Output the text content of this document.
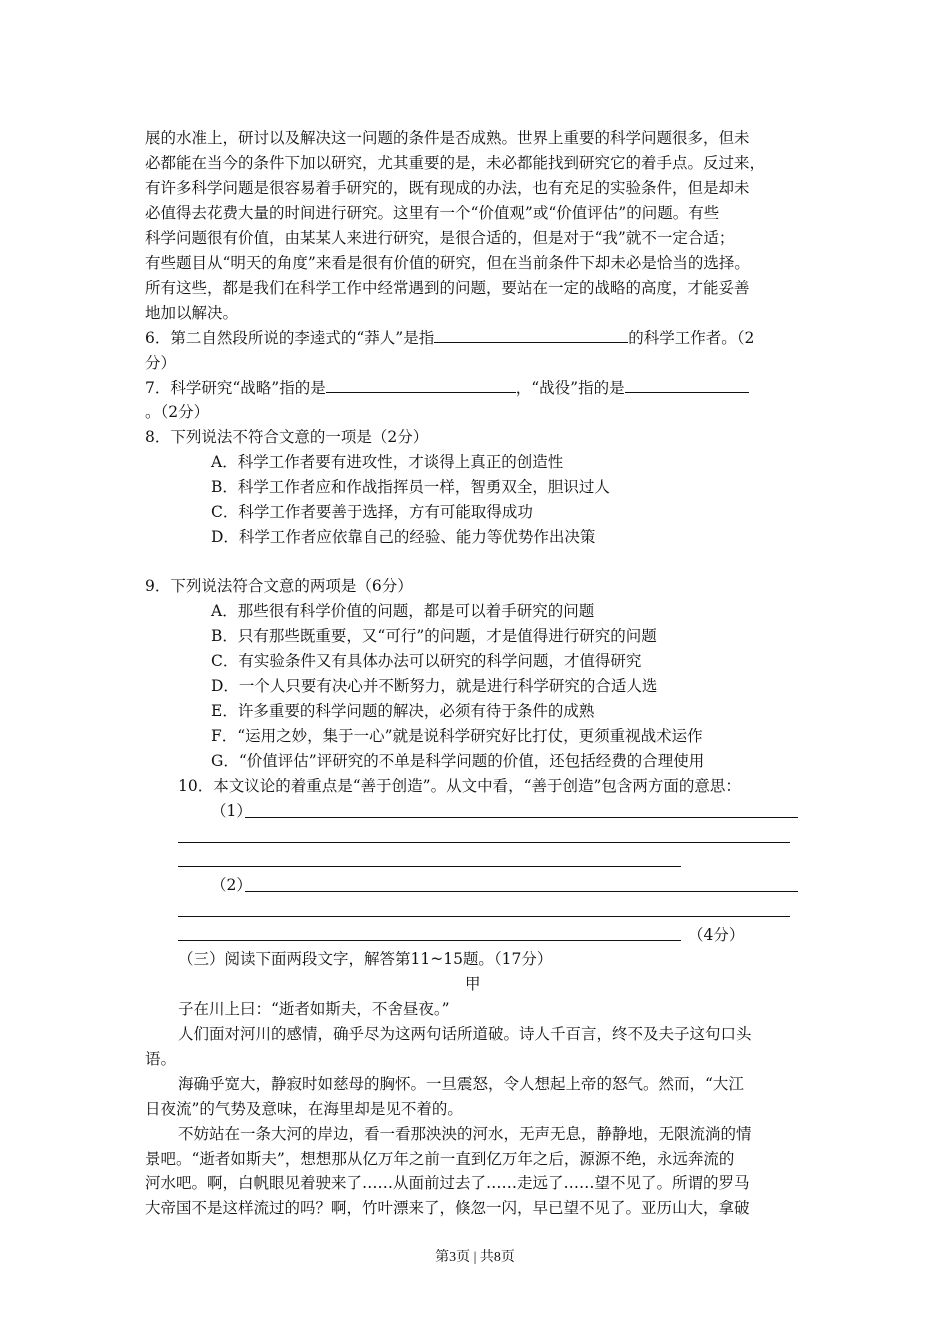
展的水准上，研讨以及解决这一问题的条件是否成熟。世界上重要的科学问题很多，但未
必都能在当今的条件下加以研究，尤其重要的是，未必都能找到研究它的着手点。反过来，
有许多科学问题是很容易着手研究的，既有现成的办法，也有充足的实验条件，但是却未
必值得去花费大量的时间进行研究。这里有一个“价值观”或“价值评估”的问题。有些
科学问题很有价值，由某某人来进行研究，是很合适的，但是对于“我”就不一定合适；
有些题目从“明天的角度”来看是很有价值的研究，但在当前条件下却未必是恰当的选择。
所有这些，都是我们在科学工作中经常遇到的问题，要站在一定的战略的高度，才能妥善
地加以解决。
6．第二自然段所说的李逵式的“莽人”是指	的科学工作者。（2
分）
7．科学研究“战略”指的是	，“战役”指的是
。（2分）
8．下列说法不符合文意的一项是（2分）
A．科学工作者要有进攻性，才谈得上真正的创造性
B．科学工作者应和作战指挥员一样，智勇双全，胆识过人
C．科学工作者要善于选择，方有可能取得成功
D．科学工作者应依靠自己的经验、能力等优势作出决策
9．下列说法符合文意的两项是（6分）
A．那些很有科学价值的问题，都是可以着手研究的问题
B．只有那些既重要，又“可行”的问题，才是值得进行研究的问题
C．有实验条件又有具体办法可以研究的科学问题，才值得研究
D．一个人只要有决心并不断努力，就是进行科学研究的合适人选
E．许多重要的科学问题的解决，必须有待于条件的成熟
F．“运用之妙，集于一心”就是说科学研究好比打仗，更须重视战术运作
G．“价值评估”评研究的不单是科学问题的价值，还包括经费的合理使用
10．本文议论的着重点是“善于创造”。从文中看，“善于创造”包含两方面的意思：
（1）
（2）
（4分）
（三）阅读下面两段文字，解答第11~15题。（17分）
甲
子在川上曰：“逝者如斯夫，不舍昼夜。”
人们面对河川的感情，确乎尽为这两句话所道破。诗人千百言，终不及夫子这句口头
语。
海确乎宽大，静寂时如慈母的胸怀。一旦震怒，令人想起上帝的怒气。然而，“大江
日夜流”的气势及意味，在海里却是见不着的。
不妨站在一条大河的岸边，看一看那泱泱的河水，无声无息，静静地，无限流淌的情
景吧。“逝者如斯夫”，想想那从亿万年之前一直到亿万年之后，源源不绝，永远奔流的
河水吧。啊，白帆眼见着驶来了……从面前过去了……走远了……望不见了。所谓的罗马
大帝国不是这样流过的吗？啊，竹叶漂来了，倏忽一闪，早已望不见了。亚历山大，拿破
第3页 | 共8页
